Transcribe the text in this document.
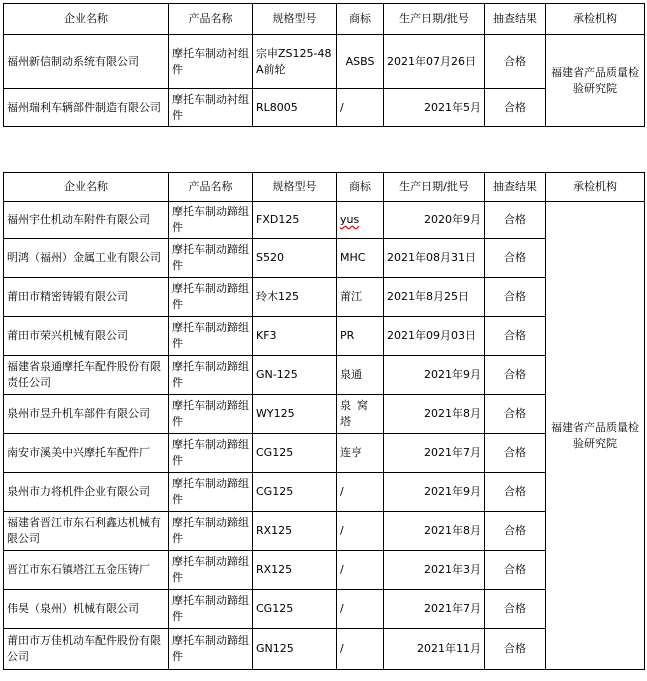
企业名称	产品名称	规格型号	商标	生产日期/批号	抽查结果	承检机构
福州新信制动系统有限公司	摩托车制动衬组件	宗申ZS125-48A前轮	ASBS	2021年07月26日	合格	福建省产品质量检验研究院
福州瑞利车辆部件制造有限公司	摩托车制动衬组件	RL8005	/	2021年5月	合格	
企业名称	产品名称	规格型号	商标	生产日期/批号	抽查结果	承检机构
福州宇仕机动车附件有限公司	摩托车制动蹄组件	FXD125	yus	2020年9月	合格	福建省产品质量检验研究院
明鸿（福州）金属工业有限公司	摩托车制动蹄组件	S520	MHC	2021年08月31日	合格	
莆田市精密铸锻有限公司	摩托车制动蹄组件	玲木125	莆江	2021年8月25日	合格	
莆田市荣兴机械有限公司	摩托车制动蹄组件	KF3	PR	2021年09月03日	合格	
福建省泉通摩托车配件股份有限责任公司	摩托车制动蹄组件	GN-125	泉通	2021年9月	合格	
泉州市昱升机车部件有限公司	摩托车制动蹄组件	WY125	泉窝塔	2021年8月	合格	
南安市溪美中兴摩托车配件厂	摩托车制动蹄组件	CG125	连亨	2021年7月	合格	
泉州市力将机件企业有限公司	摩托车制动蹄组件	CG125	/	2021年9月	合格	
福建省晋江市东石利鑫达机械有限公司	摩托车制动蹄组件	RX125	/	2021年8月	合格	
晋江市东石镇塔江五金压铸厂	摩托车制动蹄组件	RX125	/	2021年3月	合格	
伟昊（泉州）机械有限公司	摩托车制动蹄组件	CG125	/	2021年7月	合格	
莆田市万佳机动车配件股份有限公司	摩托车制动蹄组件	GN125	/	2021年11月	合格	
